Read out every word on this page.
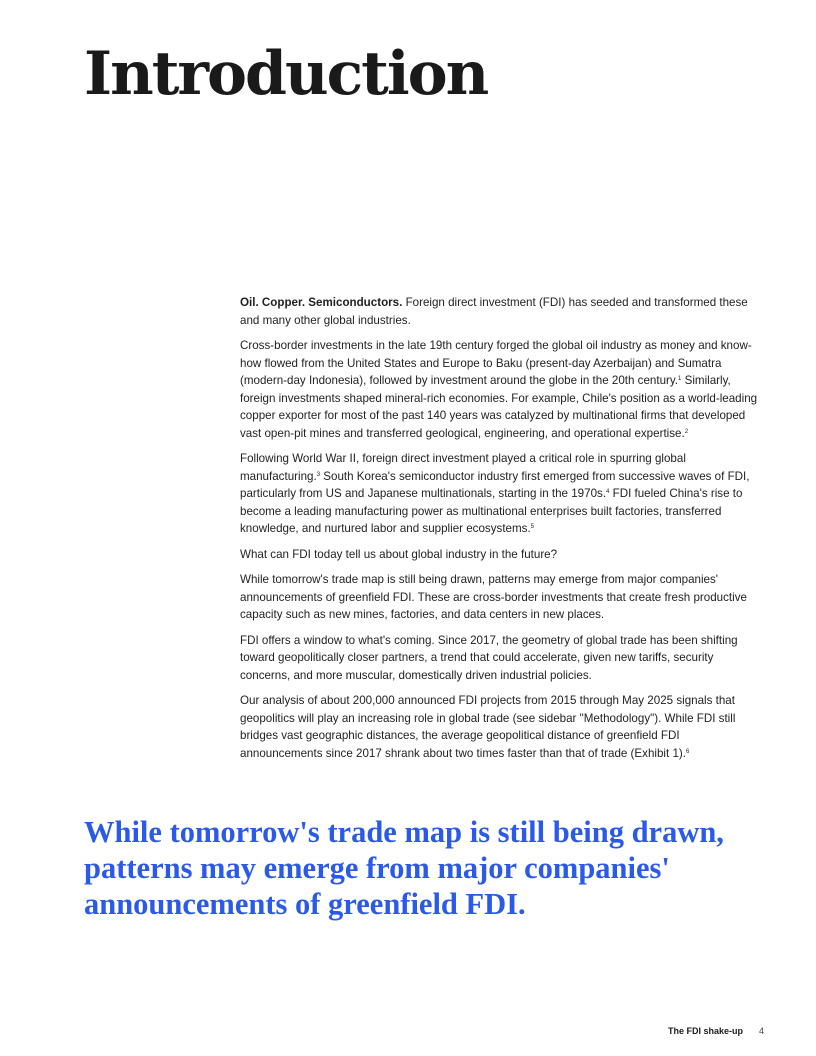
Introduction

Oil. Copper. Semiconductors. Foreign direct investment (FDI) has seeded and transformed these and many other global industries.

Cross-border investments in the late 19th century forged the global oil industry as money and know-how flowed from the United States and Europe to Baku (present-day Azerbaijan) and Sumatra (modern-day Indonesia), followed by investment around the globe in the 20th century.$^1$ Similarly, foreign investments shaped mineral-rich economies. For example, Chile's position as a world-leading copper exporter for most of the past 140 years was catalyzed by multinational firms that developed vast open-pit mines and transferred geological, engineering, and operational expertise.$^2$

Following World War II, foreign direct investment played a critical role in spurring global manufacturing.$^3$ South Korea's semiconductor industry first emerged from successive waves of FDI, particularly from US and Japanese multinationals, starting in the 1970s.$^4$ FDI fueled China's rise to become a leading manufacturing power as multinational enterprises built factories, transferred knowledge, and nurtured labor and supplier ecosystems.$^5$

What can FDI today tell us about global industry in the future?

While tomorrow's trade map is still being drawn, patterns may emerge from major companies' announcements of greenfield FDI. These are cross-border investments that create fresh productive capacity such as new mines, factories, and data centers in new places.

FDI offers a window to what's coming. Since 2017, the geometry of global trade has been shifting toward geopolitically closer partners, a trend that could accelerate, given new tariffs, security concerns, and more muscular, domestically driven industrial policies.

Our analysis of about 200,000 announced FDI projects from 2015 through May 2025 signals that geopolitics will play an increasing role in global trade (see sidebar "Methodology"). While FDI still bridges vast geographic distances, the average geopolitical distance of greenfield FDI announcements since 2017 shrank about two times faster than that of trade (Exhibit 1).$^6$

While tomorrow's trade map is still being drawn, patterns may emerge from major companies' announcements of greenfield FDI.

The FDI shake-up 4
